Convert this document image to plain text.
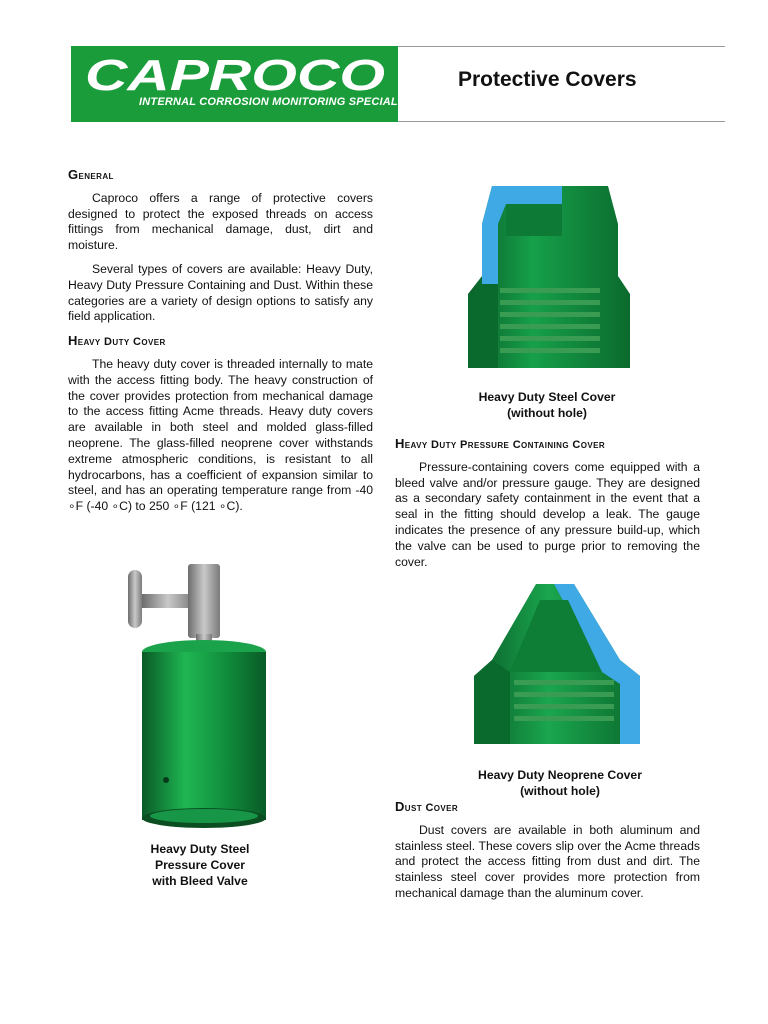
CAPROCO
INTERNAL CORROSION MONITORING SPECIALISTS
Protective Covers
General

Caproco offers a range of protective covers designed to protect the exposed threads on access fittings from mechanical damage, dust, dirt and moisture.

Several types of covers are available: Heavy Duty, Heavy Duty Pressure Containing and Dust. Within these categories are a variety of design options to satisfy any field application.

Heavy Duty Cover

The heavy duty cover is threaded internally to mate with the access fitting body. The heavy construction of the cover provides protection from mechanical damage to the access fitting Acme threads. Heavy duty covers are available in both steel and molded glass-filled neoprene. The glass-filled neoprene cover withstands extreme atmospheric conditions, is resistant to all hydrocarbons, has a coefficient of expansion similar to steel, and has an operating temperature range from -40 ∘F (-40 ∘C) to 250 ∘F (121 ∘C).

Heavy Duty Pressure Containing Cover

Pressure-containing covers come equipped with a bleed valve and/or pressure gauge. They are designed as a secondary safety containment in the event that a seal in the fitting should develop a leak. The gauge indicates the presence of any pressure build-up, which the valve can be used to purge prior to removing the cover.

Dust Cover

Dust covers are available in both aluminum and stainless steel. These covers slip over the Acme threads and protect the access fitting from dust and dirt. The stainless steel cover provides more protection from mechanical damage than the aluminum cover.

Heavy Duty Steel Cover
(without hole)
Heavy Duty Steel
Pressure Cover
with Bleed Valve
Heavy Duty Neoprene Cover
(without hole)
